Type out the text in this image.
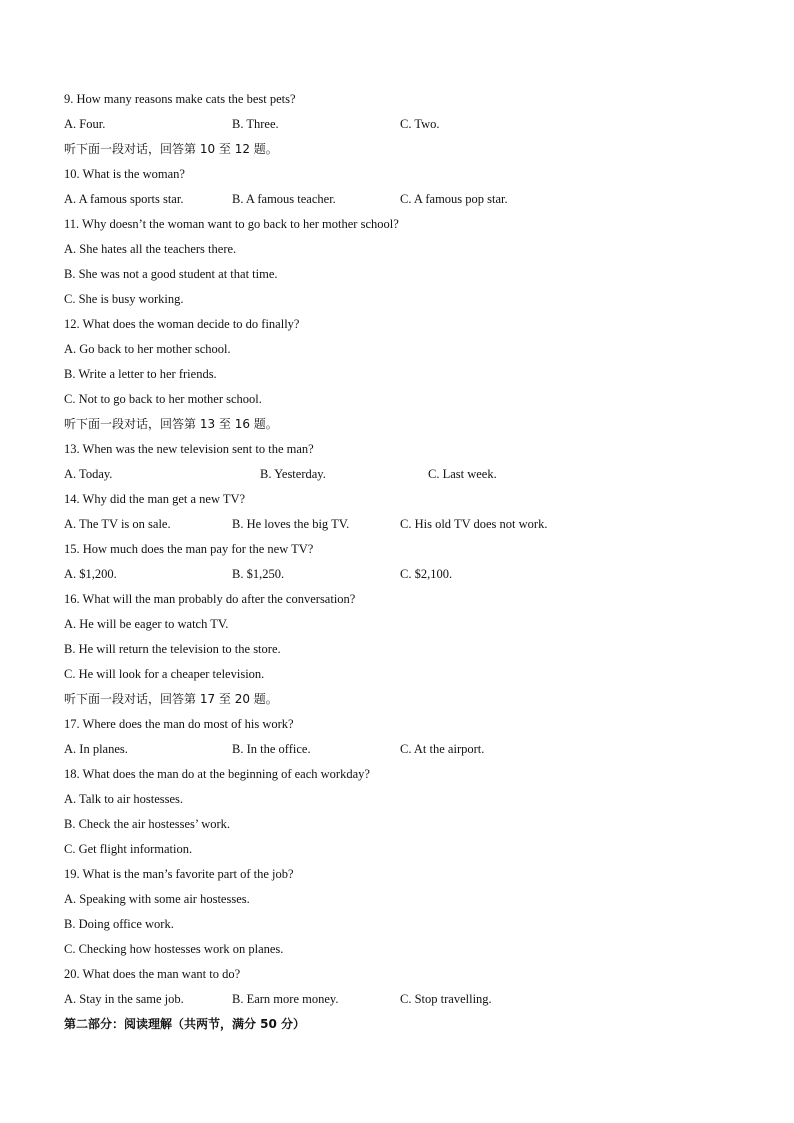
9. How many reasons make cats the best pets?
A. Four.	B. Three.	C. Two.
听下面一段对话，回答第 10 至 12 题。
10. What is the woman?
A. A famous sports star.	B. A famous teacher.	C. A famous pop star.
11. Why doesn’t the woman want to go back to her mother school?
A. She hates all the teachers there.
B. She was not a good student at that time.
C. She is busy working.
12. What does the woman decide to do finally?
A. Go back to her mother school.
B. Write a letter to her friends.
C. Not to go back to her mother school.
听下面一段对话，回答第 13 至 16 题。
13. When was the new television sent to the man?
A. Today.	B. Yesterday.	C. Last week.
14. Why did the man get a new TV?
A. The TV is on sale.	B. He loves the big TV.	C. His old TV does not work.
15. How much does the man pay for the new TV?
A. $1,200.	B. $1,250.	C. $2,100.
16. What will the man probably do after the conversation?
A. He will be eager to watch TV.
B. He will return the television to the store.
C. He will look for a cheaper television.
听下面一段对话，回答第 17 至 20 题。
17. Where does the man do most of his work?
A. In planes.	B. In the office.	C. At the airport.
18. What does the man do at the beginning of each workday?
A. Talk to air hostesses.
B. Check the air hostesses’ work.
C. Get flight information.
19. What is the man’s favorite part of the job?
A. Speaking with some air hostesses.
B. Doing office work.
C. Checking how hostesses work on planes.
20. What does the man want to do?
A. Stay in the same job.	B. Earn more money.	C. Stop travelling.
第二部分：阅读理解（共两节，满分 50 分）
